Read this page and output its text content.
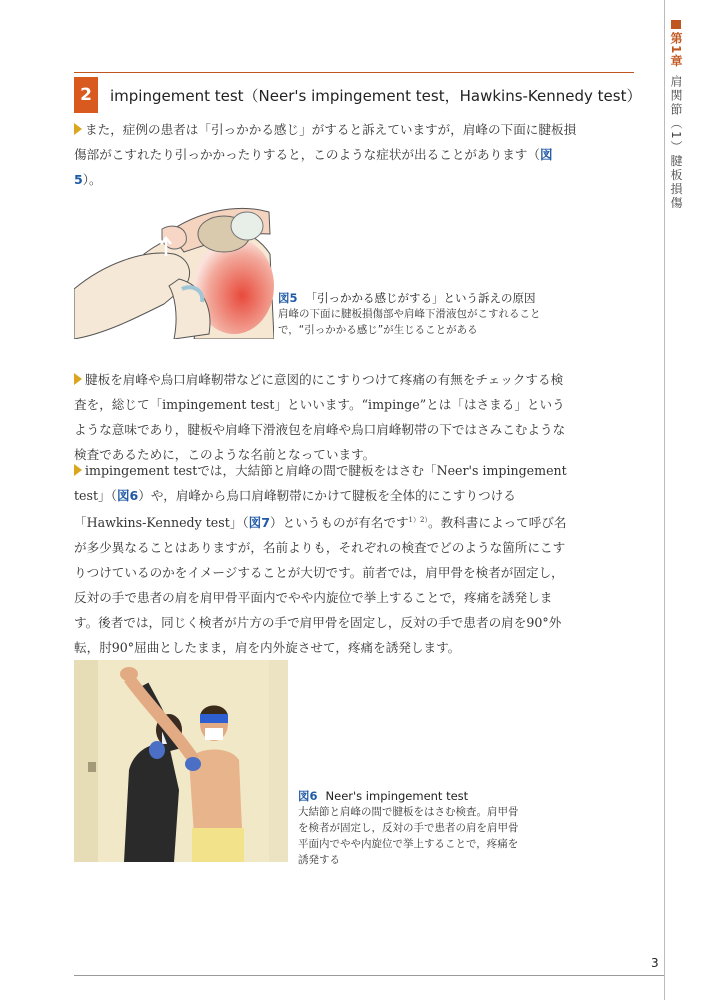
第1章
肩関節（1）腱板損傷
2	impingement test（Neer's impingement test，Hawkins-Kennedy test）
また，症例の患者は「引っかかる感じ」がすると訴えていますが，肩峰の下面に腱板損傷部がこすれたり引っかかったりすると，このような症状が出ることがあります（図5）。
図5 「引っかかる感じがする」という訴えの原因
肩峰の下面に腱板損傷部や肩峰下滑液包がこすれることで，“引っかかる感じ”が生じることがある
腱板を肩峰や烏口肩峰靭帯などに意図的にこすりつけて疼痛の有無をチェックする検査を，総じて「impingement test」といいます。“impinge”とは「はさまる」というような意味であり，腱板や肩峰下滑液包を肩峰や烏口肩峰靭帯の下ではさみこむような検査であるために，このような名前となっています。
impingement testでは，大結節と肩峰の間で腱板をはさむ「Neer's impingement test」（図6）や，肩峰から烏口肩峰靭帯にかけて腱板を全体的にこすりつける「Hawkins-Kennedy test」（図7）というものが有名です$^{1)2)}$。教科書によって呼び名が多少異なることはありますが，名前よりも，それぞれの検査でどのような箇所にこすりつけているのかをイメージすることが大切です。前者では，肩甲骨を検者が固定し，反対の手で患者の肩を肩甲骨平面内でやや内旋位で挙上することで，疼痛を誘発します。後者では，同じく検者が片方の手で肩甲骨を固定し，反対の手で患者の肩を90°外転，肘90°屈曲としたまま，肩を内外旋させて，疼痛を誘発します。
図6 Neer's impingement test
大結節と肩峰の間で腱板をはさむ検査。肩甲骨を検者が固定し，反対の手で患者の肩を肩甲骨平面内でやや内旋位で挙上することで，疼痛を誘発する
3
